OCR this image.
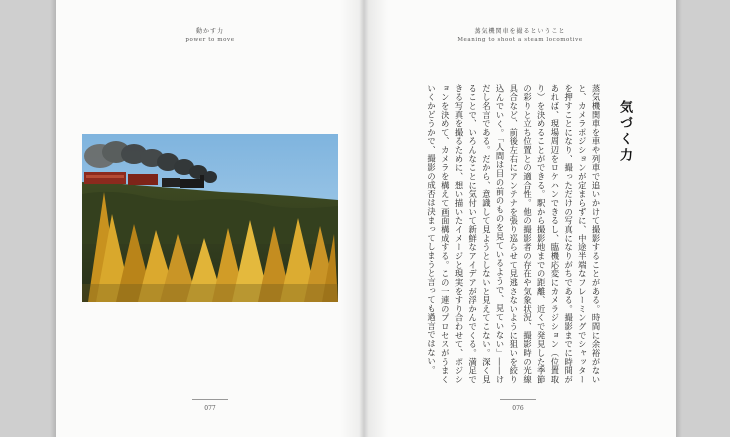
動かす力
power to move
077
蒸気機関車を撮るということ
Meaning to shoot a steam locomotive
気づく力
蒸気機関車を車や列車で追いかけて撮影することがある。時間に余裕がないと、カメラポジションが定まらずに、中途半端なフレーミングでシャッターを押すことになり、撮っただけの写真になりがちである。撮影までに時間があれば、現場周辺をロケハンできるし、臨機応変にカメラジション（位置取り）を決めることができる。駅から撮影地までの距離、近くで発見した季節の彩りと立ち位置との適合性。他の撮影者の存在や気象状況、撮影時の光線具合など、前後左右にアンテナを張り巡らせて見逃さないように狙いを絞り込んでいく。「人間は目の前のものを見ているようで、見ていない」――けだし名言である。だから、意識して見ようとしないと見えてこない。深く見ることで、いろんなことに気付いて新鮮なアイデアが浮かんでくる。満足できる写真を撮るために、想い描いたイメージと現実をすり合わせて、ポジションを決めて、カメラを構えて画面構成する。この一連のプロセスがうまくいくかどうかで、撮影の成否は決まってしまうと言っても過言ではない。
076
